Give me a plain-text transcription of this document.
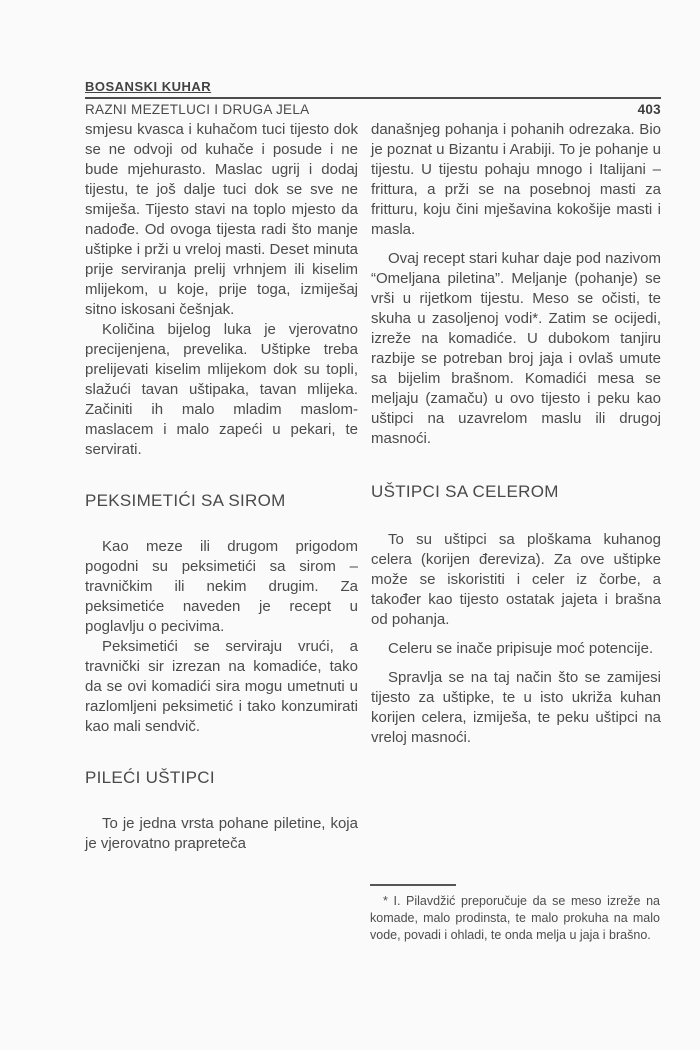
BOSANSKI KUHAR
RAZNI MEZETLUCI I DRUGA JELA	403

smjesu kvasca i kuhačom tuci tijesto dok se ne odvoji od kuhače i posude i ne bude mjehurasto. Maslac ugrij i dodaj tijestu, te još dalje tuci dok se sve ne smiješa. Tijesto stavi na toplo mjesto da nadođe. Od ovoga tijesta radi što manje uštipke i prži u vreloj masti. Deset minuta prije serviranja prelij vrhnjem ili kiselim mlijekom, u koje, prije toga, izmiješaj sitno iskosani češnjak.

Količina bijelog luka je vjerovatno precijenjena, prevelika. Uštipke treba prelijevati kiselim mlijekom dok su topli, slažući tavan uštipaka, tavan mlijeka. Začiniti ih malo mladim maslom-maslacem i malo zapeći u pekari, te servirati.

PEKSIMETIĆI SA SIROM

Kao meze ili drugom prigodom pogodni su peksimetići sa sirom – travničkim ili nekim drugim. Za peksimetiće naveden je recept u poglavlju o pecivima.

Peksimetići se serviraju vrući, a travnički sir izrezan na komadiće, tako da se ovi komadići sira mogu umetnuti u razlomljeni peksimetić i tako konzumirati kao mali sendvič.

PILEĆI UŠTIPCI

To je jedna vrsta pohane piletine, koja je vjerovatno prapreteča

današnjeg pohanja i pohanih odrezaka. Bio je poznat u Bizantu i Arabiji. To je pohanje u tijestu. U tijestu pohaju mnogo i Italijani – frittura, a prži se na posebnoj masti za fritturu, koju čini mješavina kokošije masti i masla.

Ovaj recept stari kuhar daje pod nazivom “Omeljana piletina”. Meljanje (pohanje) se vrši u rijetkom tijestu. Meso se očisti, te skuha u zasoljenoj vodi*. Zatim se ocijedi, izreže na komadiće. U dubokom tanjiru razbije se potreban broj jaja i ovlaš umute sa bijelim brašnom. Komadići mesa se meljaju (zamaču) u ovo tijesto i peku kao uštipci na uzavrelom maslu ili drugoj masnoći.

UŠTIPCI SA CELEROM

To su uštipci sa ploškama kuhanog celera (korijen đereviza). Za ove uštipke može se iskoristiti i celer iz čorbe, a također kao tijesto ostatak jajeta i brašna od pohanja.

Celeru se inače pripisuje moć potencije.

Spravlja se na taj način što se zamijesi tijesto za uštipke, te u isto ukriža kuhan korijen celera, izmiješa, te peku uštipci na vreloj masnoći.

* I. Pilavdžić preporučuje da se meso izreže na komade, malo prodinsta, te malo prokuha na malo vode, povadi i ohladi, te onda melja u jaja i brašno.
